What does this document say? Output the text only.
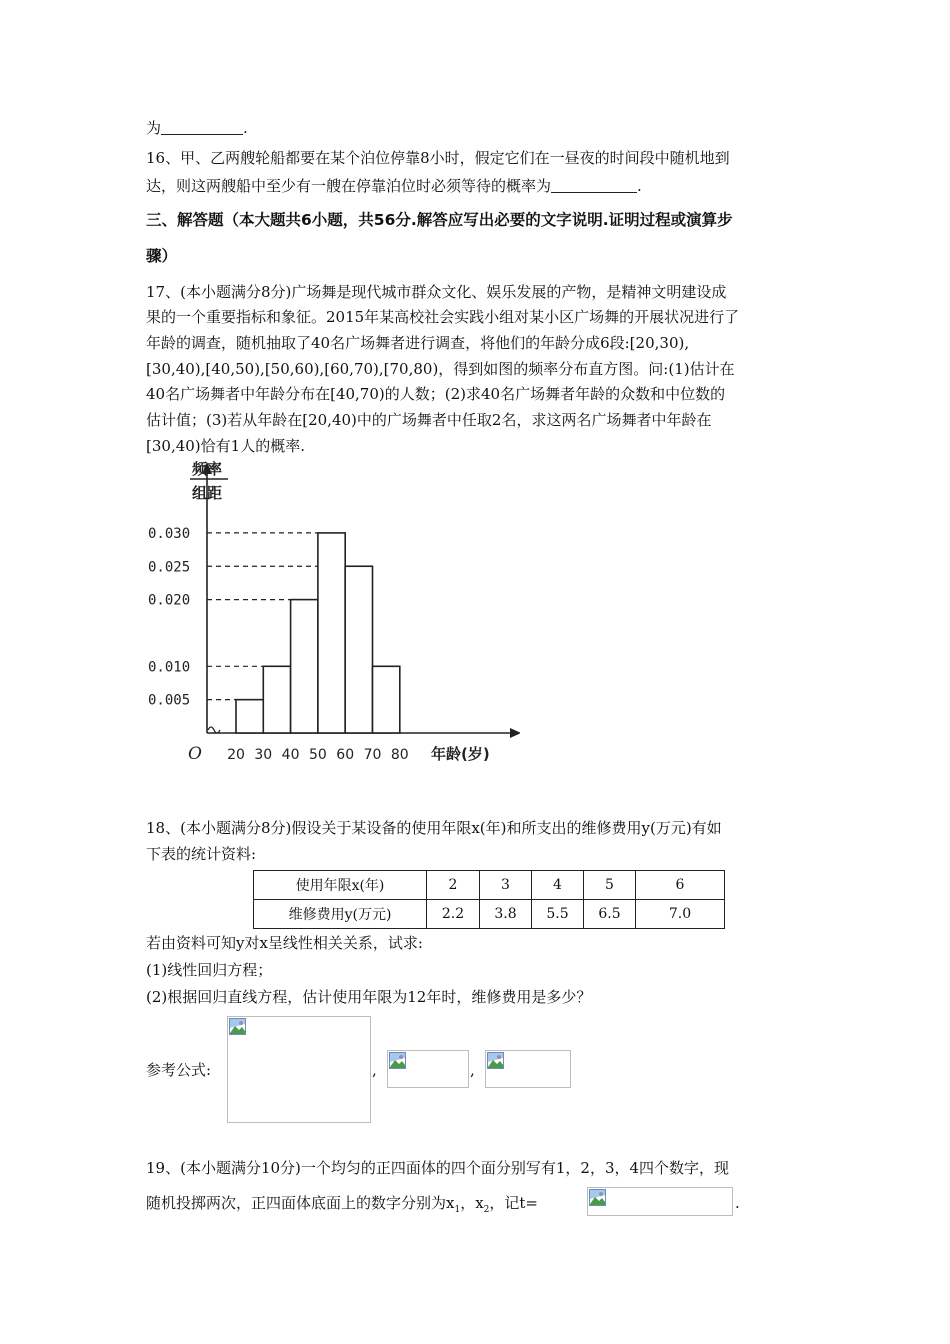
为	.
16、甲、乙两艘轮船都要在某个泊位停靠8小时，假定它们在一昼夜的时间段中随机地到
达，则这两艘船中至少有一艘在停靠泊位时必须等待的概率为	.
三、解答题（本大题共6小题，共56分.解答应写出必要的文字说明.证明过程或演算步
骤）
17、(本小题满分8分)广场舞是现代城市群众文化、娱乐发展的产物，是精神文明建设成
果的一个重要指标和象征。2015年某高校社会实践小组对某小区广场舞的开展状况进行了
年龄的调查，随机抽取了40名广场舞者进行调查，将他们的年龄分成6段:[20,30),
[30,40),[40,50),[50,60),[60,70),[70,80)，得到如图的频率分布直方图。问:(1)估计在
40名广场舞者中年龄分布在[40,70)的人数；(2)求40名广场舞者年龄的众数和中位数的
估计值；(3)若从年龄在[20,40)中的广场舞者中任取2名，求这两名广场舞者中年龄在
[30,40)恰有1人的概率.
0.030
0.025
0.020
0.010
0.005
20 30 40 50 60 70 80
频率
组距
O	年龄(岁)
18、(本小题满分8分)假设关于某设备的使用年限x(年)和所支出的维修费用y(万元)有如
下表的统计资料:
使用年限x(年)	2	3	4	5	6
维修费用y(万元)	2.2	3.8	5.5	6.5	7.0
若由资料可知y对x呈线性相关关系，试求:
(1)线性回归方程；
(2)根据回归直线方程，估计使用年限为12年时，维修费用是多少？
参考公式:	,	,
19、(本小题满分10分)一个均匀的正四面体的四个面分别写有1，2，3，4四个数字，现
随机投掷两次，正四面体底面上的数字分别为$x_1$，$x_2$，记t=	.
